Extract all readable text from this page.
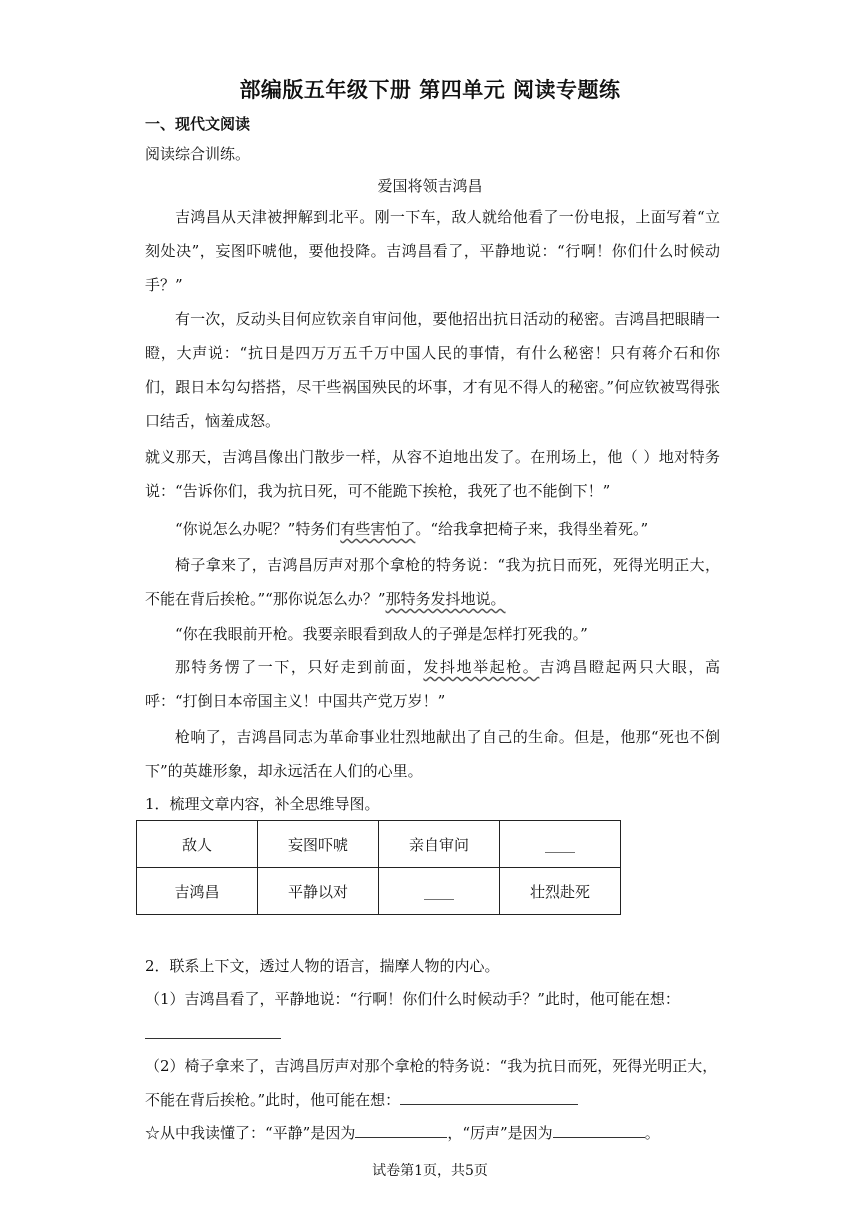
部编版五年级下册 第四单元 阅读专题练
一、现代文阅读
阅读综合训练。
爱国将领吉鸿昌
吉鸿昌从天津被押解到北平。刚一下车，敌人就给他看了一份电报，上面写着“立刻处决”，妄图吓唬他，要他投降。吉鸿昌看了，平静地说：“行啊！你们什么时候动手？”
有一次，反动头目何应钦亲自审问他，要他招出抗日活动的秘密。吉鸿昌把眼睛一瞪，大声说：“抗日是四万万五千万中国人民的事情，有什么秘密！只有蒋介石和你们，跟日本勾勾搭搭，尽干些祸国殃民的坏事，才有见不得人的秘密。”何应钦被骂得张口结舌，恼羞成怒。
就义那天，吉鸿昌像出门散步一样，从容不迫地出发了。在刑场上，他（ ）地对特务说：“告诉你们，我为抗日死，可不能跪下挨枪，我死了也不能倒下！”
“你说怎么办呢？”特务们有些害怕了。“给我拿把椅子来，我得坐着死。”
椅子拿来了，吉鸿昌厉声对那个拿枪的特务说：“我为抗日而死，死得光明正大，不能在背后挨枪。”“那你说怎么办？”那特务发抖地说。
“你在我眼前开枪。我要亲眼看到敌人的子弹是怎样打死我的。”
那特务愣了一下，只好走到前面，发抖地举起枪。吉鸿昌瞪起两只大眼，高呼：“打倒日本帝国主义！中国共产党万岁！”
枪响了，吉鸿昌同志为革命事业壮烈地献出了自己的生命。但是，他那“死也不倒下”的英雄形象，却永远活在人们的心里。
1．梳理文章内容，补全思维导图。
敌人	妄图吓唬	亲自审问	____
吉鸿昌	平静以对	____	壮烈赴死
2．联系上下文，透过人物的语言，揣摩人物的内心。
（1）吉鸿昌看了，平静地说：“行啊！你们什么时候动手？”此时，他可能在想：
（2）椅子拿来了，吉鸿昌厉声对那个拿枪的特务说：“我为抗日而死，死得光明正大，
不能在背后挨枪。”此时，他可能在想：
☆从中我读懂了：“平静”是因为	，“厉声”是因为	。
试卷第1页，共5页
